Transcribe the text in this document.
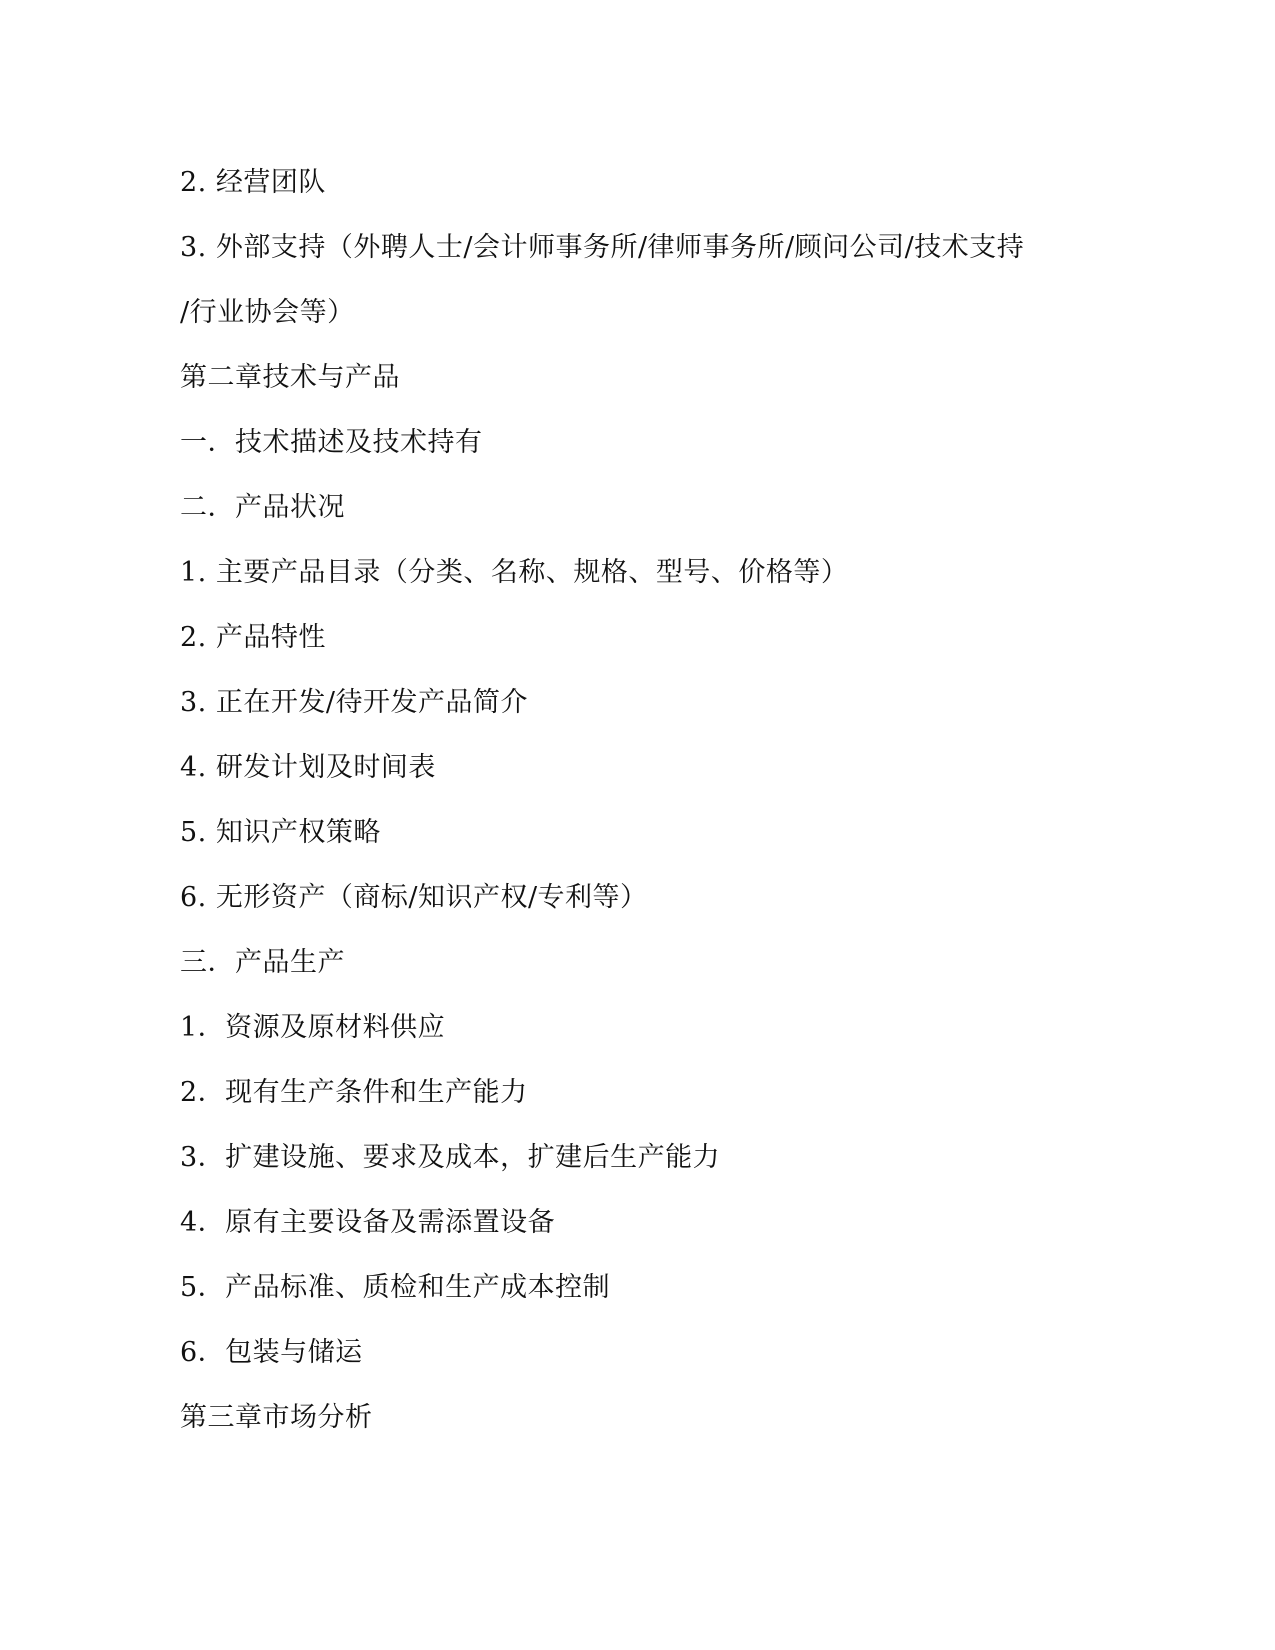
2. 经营团队
3. 外部支持（外聘人士/会计师事务所/律师事务所/顾问公司/技术支持
/行业协会等）
第二章技术与产品
一．技术描述及技术持有
二．产品状况
1. 主要产品目录（分类、名称、规格、型号、价格等）
2. 产品特性
3. 正在开发/待开发产品简介
4. 研发计划及时间表
5. 知识产权策略
6. 无形资产（商标/知识产权/专利等）
三．产品生产
1．资源及原材料供应
2．现有生产条件和生产能力
3．扩建设施、要求及成本，扩建后生产能力
4．原有主要设备及需添置设备
5．产品标准、质检和生产成本控制
6．包装与储运
第三章市场分析
